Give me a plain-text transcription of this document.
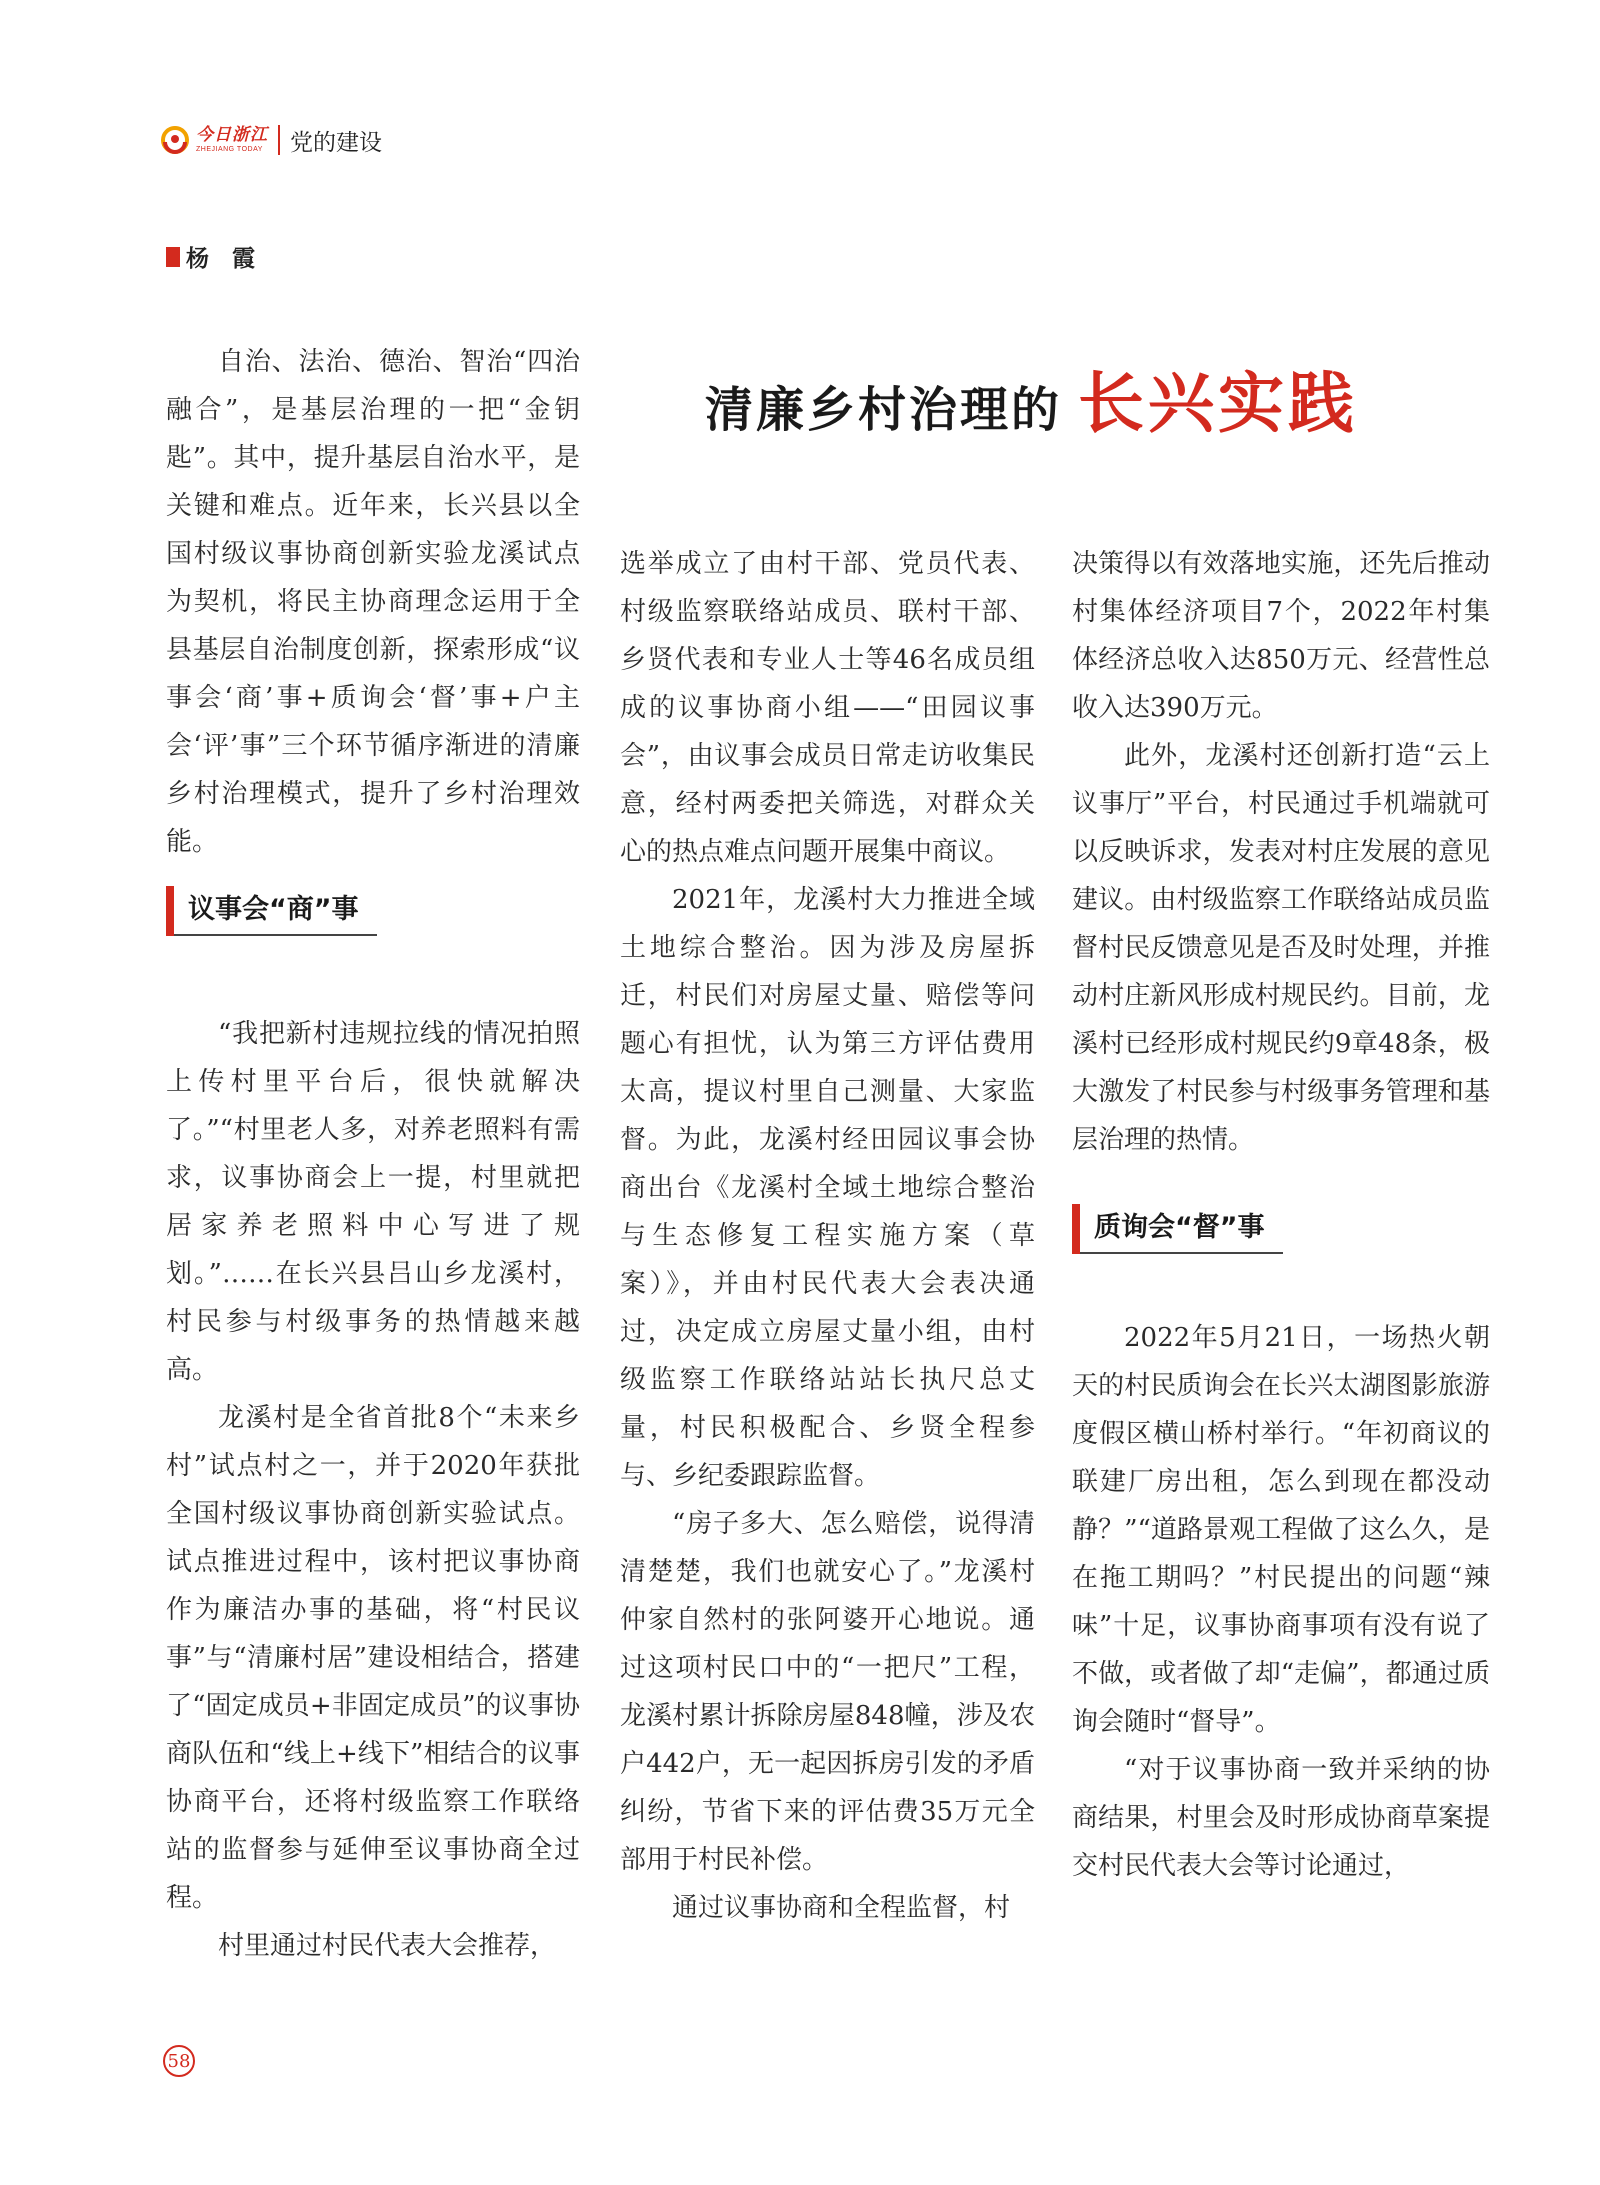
今日浙江
ZHEJIANG TODAY 党的建设
杨　霞
清廉乡村治理的 长兴实践

自治、法治、德治、智治“四治融合”，是基层治理的一把“金钥匙”。其中，提升基层自治水平，是关键和难点。近年来，长兴县以全国村级议事协商创新实验龙溪试点为契机，将民主协商理念运用于全县基层自治制度创新，探索形成“议事会‘商’事+质询会‘督’事+户主会‘评’事”三个环节循序渐进的清廉乡村治理模式，提升了乡村治理效能。

议事会“商”事

“我把新村违规拉线的情况拍照上传村里平台后，很快就解决了。”“村里老人多，对养老照料有需求，议事协商会上一提，村里就把居家养老照料中心写进了规划。”……在长兴县吕山乡龙溪村，村民参与村级事务的热情越来越高。

龙溪村是全省首批8个“未来乡村”试点村之一，并于2020年获批全国村级议事协商创新实验试点。试点推进过程中，该村把议事协商作为廉洁办事的基础，将“村民议事”与“清廉村居”建设相结合，搭建了“固定成员+非固定成员”的议事协商队伍和“线上+线下”相结合的议事协商平台，还将村级监察工作联络站的监督参与延伸至议事协商全过程。

村里通过村民代表大会推荐，

选举成立了由村干部、党员代表、村级监察联络站成员、联村干部、乡贤代表和专业人士等46名成员组成的议事协商小组——“田园议事会”，由议事会成员日常走访收集民意，经村两委把关筛选，对群众关心的热点难点问题开展集中商议。

2021年，龙溪村大力推进全域土地综合整治。因为涉及房屋拆迁，村民们对房屋丈量、赔偿等问题心有担忧，认为第三方评估费用太高，提议村里自己测量、大家监督。为此，龙溪村经田园议事会协商出台《龙溪村全域土地综合整治与生态修复工程实施方案（草案）》，并由村民代表大会表决通过，决定成立房屋丈量小组，由村级监察工作联络站站长执尺总丈量，村民积极配合、乡贤全程参与、乡纪委跟踪监督。

“房子多大、怎么赔偿，说得清清楚楚，我们也就安心了。”龙溪村仲家自然村的张阿婆开心地说。通过这项村民口中的“一把尺”工程，龙溪村累计拆除房屋848幢，涉及农户442户，无一起因拆房引发的矛盾纠纷，节省下来的评估费35万元全部用于村民补偿。

通过议事协商和全程监督，村

决策得以有效落地实施，还先后推动村集体经济项目7个，2022年村集体经济总收入达850万元、经营性总收入达390万元。

此外，龙溪村还创新打造“云上议事厅”平台，村民通过手机端就可以反映诉求，发表对村庄发展的意见建议。由村级监察工作联络站成员监督村民反馈意见是否及时处理，并推动村庄新风形成村规民约。目前，龙溪村已经形成村规民约9章48条，极大激发了村民参与村级事务管理和基层治理的热情。

质询会“督”事

2022年5月21日，一场热火朝天的村民质询会在长兴太湖图影旅游度假区横山桥村举行。“年初商议的联建厂房出租，怎么到现在都没动静？”“道路景观工程做了这么久，是在拖工期吗？”村民提出的问题“辣味”十足，议事协商事项有没有说了不做，或者做了却“走偏”，都通过质询会随时“督导”。

“对于议事协商一致并采纳的协商结果，村里会及时形成协商草案提交村民代表大会等讨论通过，

58
